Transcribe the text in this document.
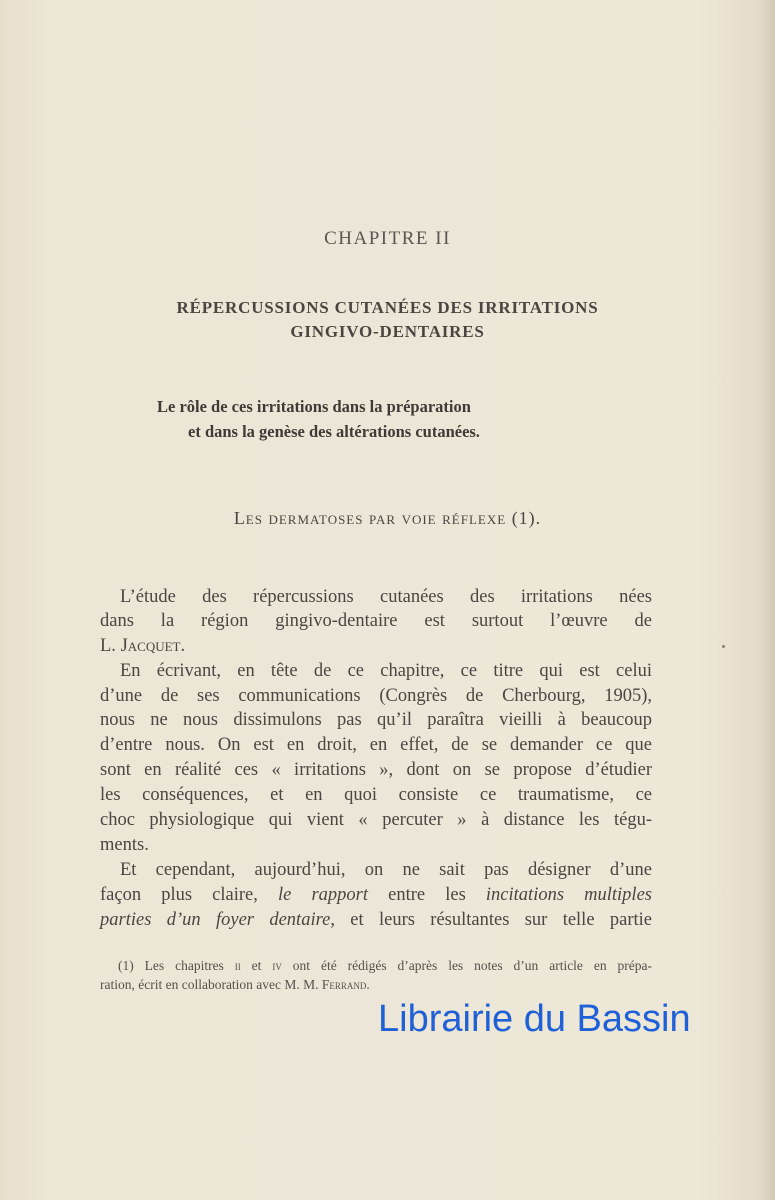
CHAPITRE II
RÉPERCUSSIONS CUTANÉES DES IRRITATIONS
GINGIVO-DENTAIRES
Le rôle de ces irritations dans la préparation
et dans la genèse des altérations cutanées.
Les dermatoses par voie réflexe (1).
L’étude des répercussions cutanées des irritations nées
dans la région gingivo-dentaire est surtout l’œuvre de
L. Jacquet.
En écrivant, en tête de ce chapitre, ce titre qui est celui
d’une de ses communications (Congrès de Cherbourg, 1905),
nous ne nous dissimulons pas qu’il paraîtra vieilli à beaucoup
d’entre nous. On est en droit, en effet, de se demander ce que
sont en réalité ces « irritations », dont on se propose d’étudier
les conséquences, et en quoi consiste ce traumatisme, ce
choc physiologique qui vient « percuter » à distance les tégu-
ments.
Et cependant, aujourd’hui, on ne sait pas désigner d’une
façon plus claire, le rapport entre les incitations multiples
parties d’un foyer dentaire, et leurs résultantes sur telle partie
(1) Les chapitres ii et iv ont été rédigés d’après les notes d’un article en prépa-
ration, écrit en collaboration avec M. M. Ferrand.
Librairie du Bassin
